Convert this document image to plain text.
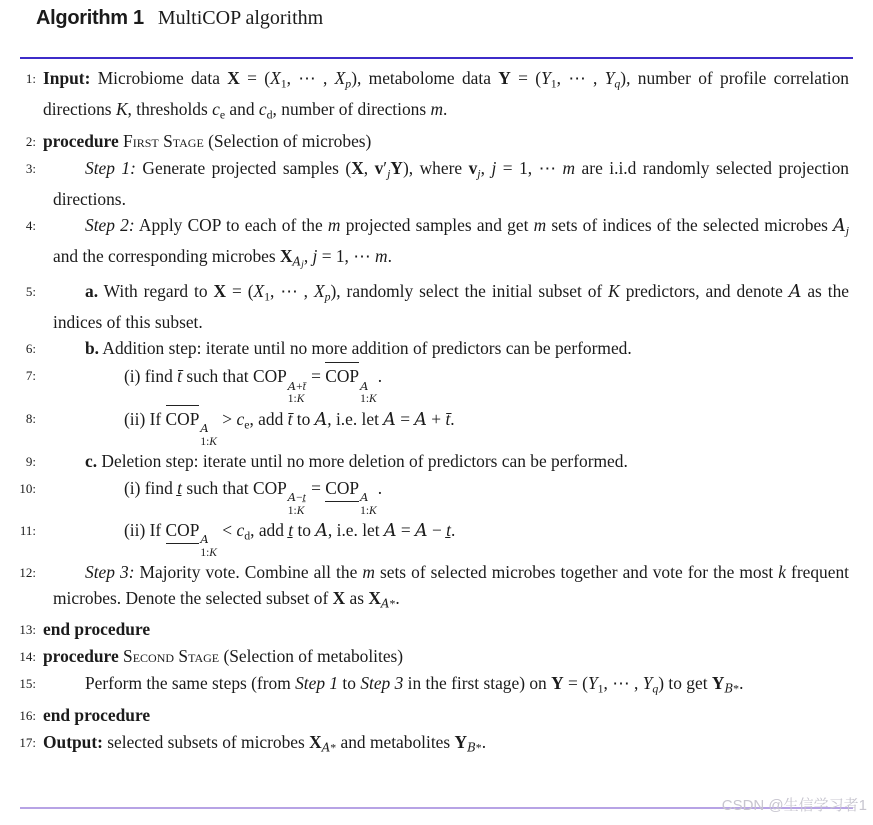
Algorithm 1 MultiCOP algorithm
1: Input: Microbiome data $X = (X_1$, ⋯ , $X_p$), metabolome data $Y = (Y_1$, ⋯ , $Y_q$), number of profile correlation directions K, thresholds $c_e$ and $c_d$, number of directions m.
2: procedure First Stage (Selection of microbes)
3:	Step 1: Generate projected samples (X, $v'_jY$), where $v_j$, j = 1, ⋯ m are i.i.d randomly selected projection directions.
4:	Step 2: Apply COP to each of the m projected samples and get m sets of indices of the selected microbes $A_j$ and the corresponding microbes $X_{Aj}$, j = 1, ⋯ m.
5:	a. With regard to $X = (X_1$, ⋯ , $X_p$), randomly select the initial subset of K predictors, and denote A as the indices of this subset.
6:	b. Addition step: iterate until no more addition of predictors can be performed.
7:	(i) find t̄ such that COP A+t̄
1:K
= COP A
1:K
.
8:	(ii) If COP A
1:K
> $c_e$, add t̄ to A, i.e. let A = A + t̄.
9:	c. Deletion step: iterate until no more deletion of predictors can be performed.
10:	(i) find ṯ such that COP A−ṯ
1:K
= COP A
1:K
.
11:	(ii) If COP A
1:K
< $c_d$, add ṯ to A, i.e. let A = A − ṯ.
12:	Step 3: Majority vote. Combine all the m sets of selected microbes together and vote for the most k frequent microbes. Denote the selected subset of X as $X_{A*}$.
13: end procedure
14: procedure Second Stage (Selection of metabolites)
15:	Perform the same steps (from Step 1 to Step 3 in the first stage) on $Y = (Y_1$, ⋯ , $Y_q$) to get $Y_{B*}$.
16: end procedure
17: Output: selected subsets of microbes $X_{A*}$ and metabolites $Y_{B*}$.
CSDN @生信学习者1
